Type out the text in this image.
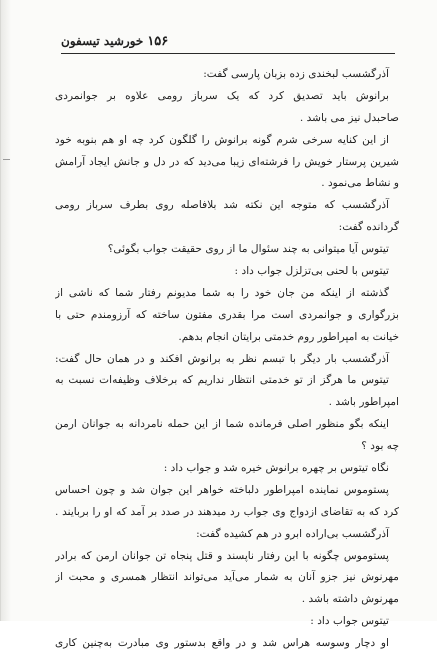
۱۵۶
خورشید تیسفون
آذرگشسب لبخندی زده بزبان پارسی گفت:
برانوش باید تصدیق کرد که یک سرباز رومی علاوه بر جوانمردی
صاحبدل نیز می باشد .
از این کنایه سرخی شرم گونه برانوش را گلگون کرد چه او هم بنوبه خود
شیرین پرستار خویش را فرشته‌ای زیبا می‌دید که در دل و جانش ایجاد آرامش
و نشاط می‌نمود .
آذرگشسب که متوجه این نکته شد بلافاصله روی بطرف سرباز رومی
گردانده گفت:
تیتوس آیا میتوانی به چند سئوال ما از روی حقیقت جواب بگوئی؟
تیتوس با لحنی بی‌تزلزل جواب داد :
گذشته از اینکه من جان خود را به شما مدیونم رفتار شما که ناشی از
بزرگواری و جوانمردی است مرا بقدری مفتون ساخته که آرزومندم حتی با
خیانت به امپراطور روم خدمتی برایتان انجام بدهم.
آذرگشسب بار دیگر با تبسم نظر به برانوش افکند و در همان حال گفت:
تیتوس ما هرگز از تو خدمتی انتظار نداریم که برخلاف وظیفه‌ات نسبت به
امپراطور باشد .
اینکه بگو منظور اصلی فرمانده شما از این حمله نامردانه به جوانان ارمن
چه بود ؟
نگاه تیتوس بر چهره برانوش خیره شد و جواب داد :
پستوموس نماینده امپراطور دلباخته خواهر این جوان شد و چون احساس
کرد که به تقاضای ازدواج وی جواب رد میدهند در صدد بر آمد که او را بربایند .
آذرگشسب بی‌اراده ابرو در هم کشیده گفت:
پستوموس چگونه با این رفتار ناپسند و قتل پنجاه تن جوانان ارمن که برادر
مهرنوش نیز جزو آنان به شمار می‌آید می‌تواند انتظار همسری و محبت از
مهرنوش داشته باشد .
تیتوس جواب داد :
او دچار وسوسه هراس شد و در واقع بدستور وی مبادرت به‌چنین کاری
